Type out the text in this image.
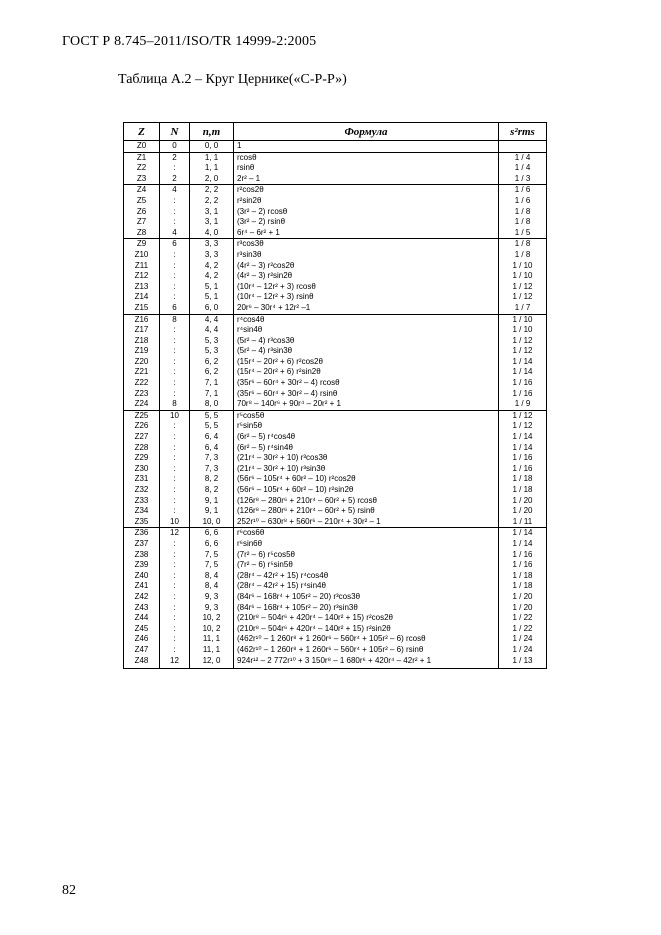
ГОСТ Р 8.745–2011/ISO/TR 14999-2:2005
Таблица А.2 – Круг Цернике(«С-Р-Р»)
Z	N	n,m	Формула	s²rms
Z0	0	0, 0	1	
Z1	2	1, 1	rcosθ	1 / 4
Z2	:	1, 1	rsinθ	1 / 4
Z3	2	2, 0	2r² – 1	1 / 3
Z4	4	2, 2	r²cos2θ	1 / 6
Z5	:	2, 2	r²sin2θ	1 / 6
Z6	:	3, 1	(3r² – 2) rcosθ	1 / 8
Z7	:	3, 1	(3r² – 2) rsinθ	1 / 8
Z8	4	4, 0	6r⁴ – 6r² + 1	1 / 5
Z9	6	3, 3	r³cos3θ	1 / 8
Z10	:	3, 3	r³sin3θ	1 / 8
Z11	:	4, 2	(4r² – 3) r²cos2θ	1 / 10
Z12	:	4, 2	(4r² – 3) r²sin2θ	1 / 10
Z13	:	5, 1	(10r⁴ – 12r² + 3) rcosθ	1 / 12
Z14	:	5, 1	(10r⁴ – 12r² + 3) rsinθ	1 / 12
Z15	6	6, 0	20r⁶ – 30r⁴ + 12r² –1	1 / 7
Z16	8	4, 4	r⁴cos4θ	1 / 10
Z17	:	4, 4	r⁴sin4θ	1 / 10
Z18	:	5, 3	(5r² – 4) r³cos3θ	1 / 12
Z19	:	5, 3	(5r² – 4) r³sin3θ	1 / 12
Z20	:	6, 2	(15r⁴ – 20r² + 6) r²cos2θ	1 / 14
Z21	:	6, 2	(15r⁴ – 20r² + 6) r²sin2θ	1 / 14
Z22	:	7, 1	(35r⁶ – 60r⁴ + 30r² – 4) rcosθ	1 / 16
Z23	:	7, 1	(35r⁶ – 60r⁴ + 30r² – 4) rsinθ	1 / 16
Z24	8	8, 0	70r⁸ – 140r⁶ + 90r⁴ – 20r² + 1	1 / 9
Z25	10	5, 5	r⁵cos5θ	1 / 12
Z26	:	5, 5	r⁵sin5θ	1 / 12
Z27	:	6, 4	(6r² – 5) r⁴cos4θ	1 / 14
Z28	:	6, 4	(6r² – 5) r⁴sin4θ	1 / 14
Z29	:	7, 3	(21r⁴ – 30r² + 10) r³cos3θ	1 / 16
Z30	:	7, 3	(21r⁴ – 30r² + 10) r³sin3θ	1 / 16
Z31	:	8, 2	(56r⁶ – 105r⁴ + 60r² – 10) r²cos2θ	1 / 18
Z32	:	8, 2	(56r⁶ – 105r⁴ + 60r² – 10) r²sin2θ	1 / 18
Z33	:	9, 1	(126r⁸ – 280r⁶ + 210r⁴ – 60r² + 5) rcosθ	1 / 20
Z34	:	9, 1	(126r⁸ – 280r⁶ + 210r⁴ – 60r² + 5) rsinθ	1 / 20
Z35	10	10, 0	252r¹⁰ – 630r⁸ + 560r⁶ – 210r⁴ + 30r² – 1	1 / 11
Z36	12	6, 6	r⁶cos6θ	1 / 14
Z37	:	6, 6	r⁶sin6θ	1 / 14
Z38	:	7, 5	(7r² – 6) r⁵cos5θ	1 / 16
Z39	:	7, 5	(7r² – 6) r⁵sin5θ	1 / 16
Z40	:	8, 4	(28r⁴ – 42r² + 15) r⁴cos4θ	1 / 18
Z41	:	8, 4	(28r⁴ – 42r² + 15) r⁴sin4θ	1 / 18
Z42	:	9, 3	(84r⁶ – 168r⁴ + 105r² – 20) r³cos3θ	1 / 20
Z43	:	9, 3	(84r⁶ – 168r⁴ + 105r² – 20) r³sin3θ	1 / 20
Z44	:	10, 2	(210r⁸ – 504r⁶ + 420r⁴ – 140r² + 15) r²cos2θ	1 / 22
Z45	:	10, 2	(210r⁸ – 504r⁶ + 420r⁴ – 140r² + 15) r²sin2θ	1 / 22
Z46	:	11, 1	(462r¹⁰ – 1 260r⁸ + 1 260r⁶ – 560r⁴ + 105r² – 6) rcosθ	1 / 24
Z47	:	11, 1	(462r¹⁰ – 1 260r⁸ + 1 260r⁶ – 560r⁴ + 105r² – 6) rsinθ	1 / 24
Z48	12	12, 0	924r¹² – 2 772r¹⁰ + 3 150r⁸ – 1 680r⁶ + 420r⁴ – 42r² + 1	1 / 13
82
